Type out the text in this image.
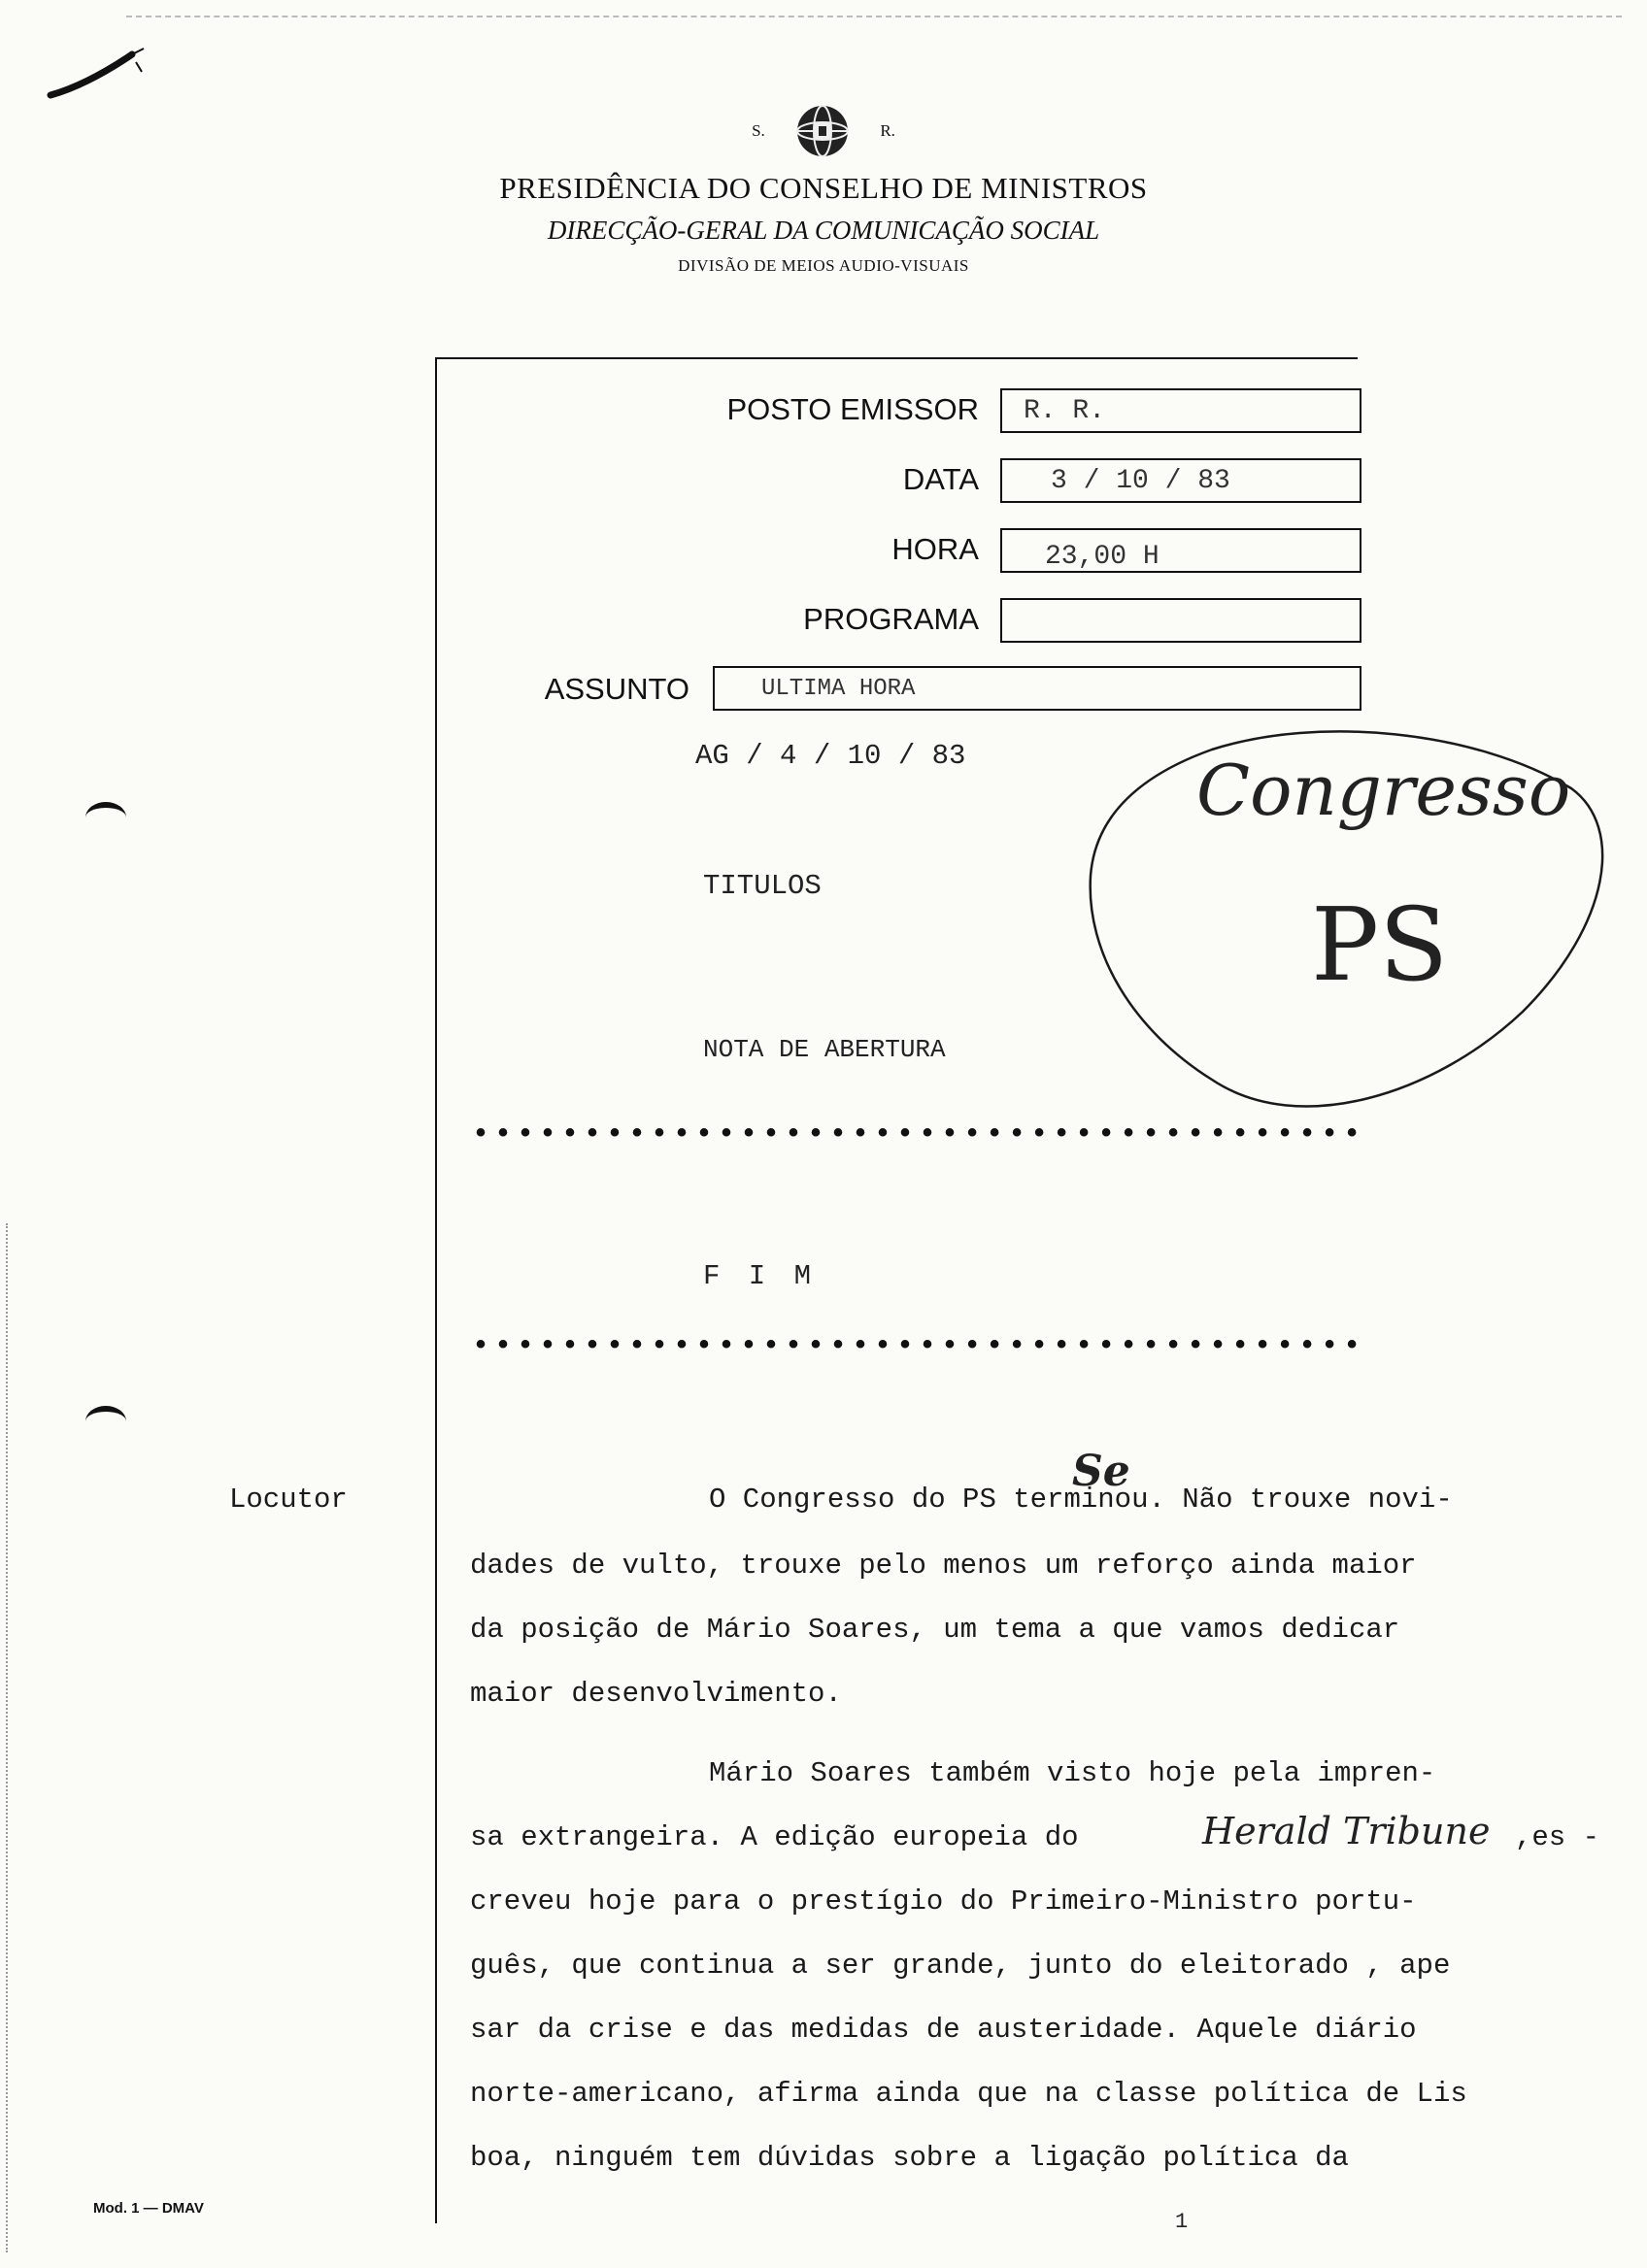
S.	R.
PRESIDÊNCIA DO CONSELHO DE MINISTROS
DIRECÇÃO-GERAL DA COMUNICAÇÃO SOCIAL
DIVISÃO DE MEIOS AUDIO-VISUAIS
POSTO EMISSOR	R. R.
DATA	3 / 10 / 83
HORA	23,00 H
PROGRAMA
ASSUNTO	ULTIMA HORA
AG / 4 / 10 / 83
TITULOS
NOTA DE ABERTURA
Congresso
PS
••••••••••••••••••••••••••••••••••••••••
F I M
••••••••••••••••••••••••••••••••••••••••
Locutor	O Congresso do PS terminou. Não trouxe novi-
Se
dades de vulto, trouxe pelo menos um reforço ainda maior
da posição de Mário Soares, um tema a que vamos dedicar
maior desenvolvimento.
Mário Soares também visto hoje pela impren-
sa extrangeira. A edição europeia do	Herald Tribune ,es -
creveu hoje para o prestígio do Primeiro-Ministro portu-
guês, que continua a ser grande, junto do eleitorado , ape
sar da crise e das medidas de austeridade. Aquele diário
norte-americano, afirma ainda que na classe política de Lis
boa, ninguém tem dúvidas sobre a ligação política da
Mod. 1 — DMAV
1
